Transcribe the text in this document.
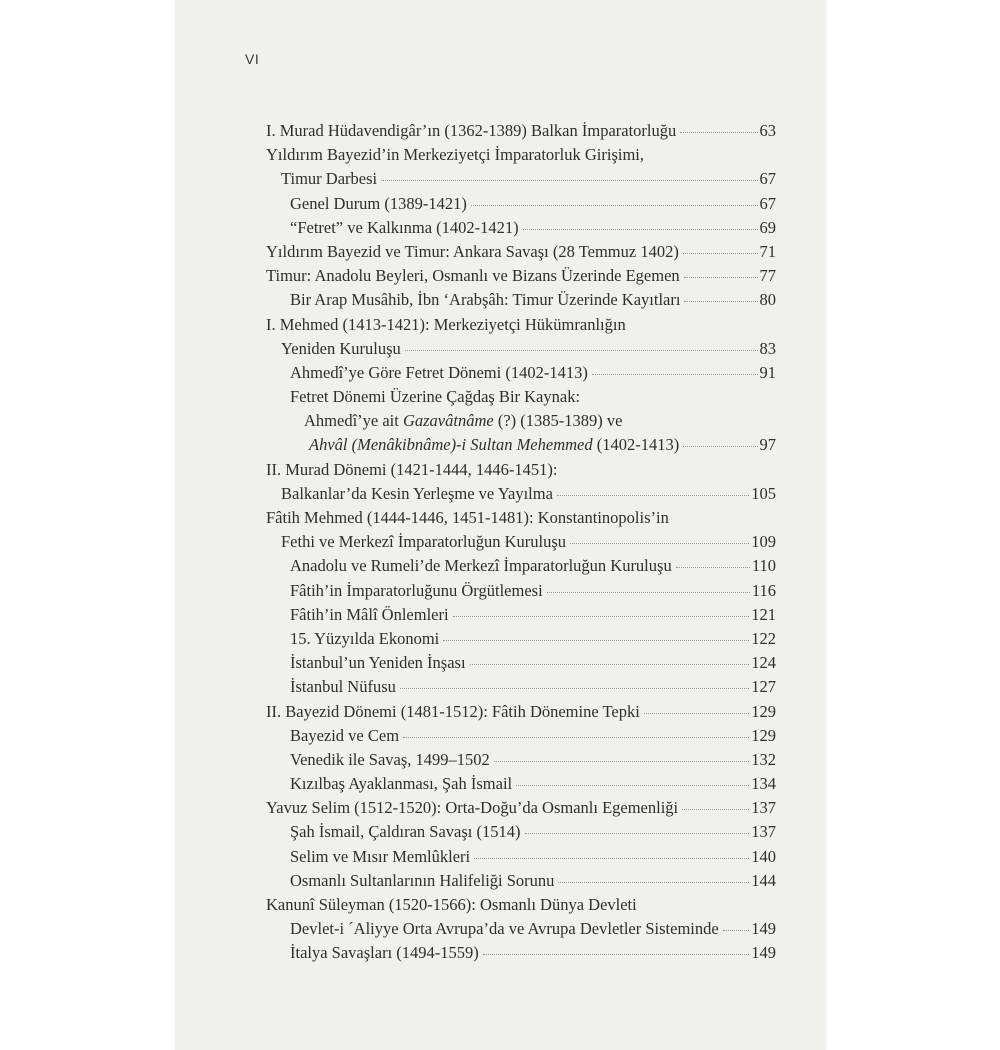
VI
I. Murad Hüdavendigâr’ın (1362-1389) Balkan İmparatorluğu	63
Yıldırım Bayezid’in Merkeziyetçi İmparatorluk Girişimi,
Timur Darbesi	67
Genel Durum (1389-1421)	67
“Fetret” ve Kalkınma (1402-1421)	69
Yıldırım Bayezid ve Timur: Ankara Savaşı (28 Temmuz 1402)	71
Timur: Anadolu Beyleri, Osmanlı ve Bizans Üzerinde Egemen	77
Bir Arap Musâhib, İbn ‘Arabşâh: Timur Üzerinde Kayıtları	80
I. Mehmed (1413-1421): Merkeziyetçi Hükümranlığın
Yeniden Kuruluşu	83
Ahmedî’ye Göre Fetret Dönemi (1402-1413)	91
Fetret Dönemi Üzerine Çağdaş Bir Kaynak:
Ahmedî’ye ait Gazavâtnâme (?) (1385-1389) ve
Ahvâl (Menâkibnâme)-i Sultan Mehemmed (1402-1413)	97
II. Murad Dönemi (1421-1444, 1446-1451):
Balkanlar’da Kesin Yerleşme ve Yayılma	105
Fâtih Mehmed (1444-1446, 1451-1481): Konstantinopolis’in
Fethi ve Merkezî İmparatorluğun Kuruluşu	109
Anadolu ve Rumeli’de Merkezî İmparatorluğun Kuruluşu	110
Fâtih’in İmparatorluğunu Örgütlemesi	116
Fâtih’in Mâlî Önlemleri	121
15. Yüzyılda Ekonomi	122
İstanbul’un Yeniden İnşası	124
İstanbul Nüfusu	127
II. Bayezid Dönemi (1481-1512): Fâtih Dönemine Tepki	129
Bayezid ve Cem	129
Venedik ile Savaş, 1499–1502	132
Kızılbaş Ayaklanması, Şah İsmail	134
Yavuz Selim (1512-1520): Orta-Doğu’da Osmanlı Egemenliği	137
Şah İsmail, Çaldıran Savaşı (1514)	137
Selim ve Mısır Memlûkleri	140
Osmanlı Sultanlarının Halifeliği Sorunu	144
Kanunî Süleyman (1520-1566): Osmanlı Dünya Devleti
Devlet-i ´Aliyye Orta Avrupa’da ve Avrupa Devletler Sisteminde 149
İtalya Savaşları (1494-1559)	149
